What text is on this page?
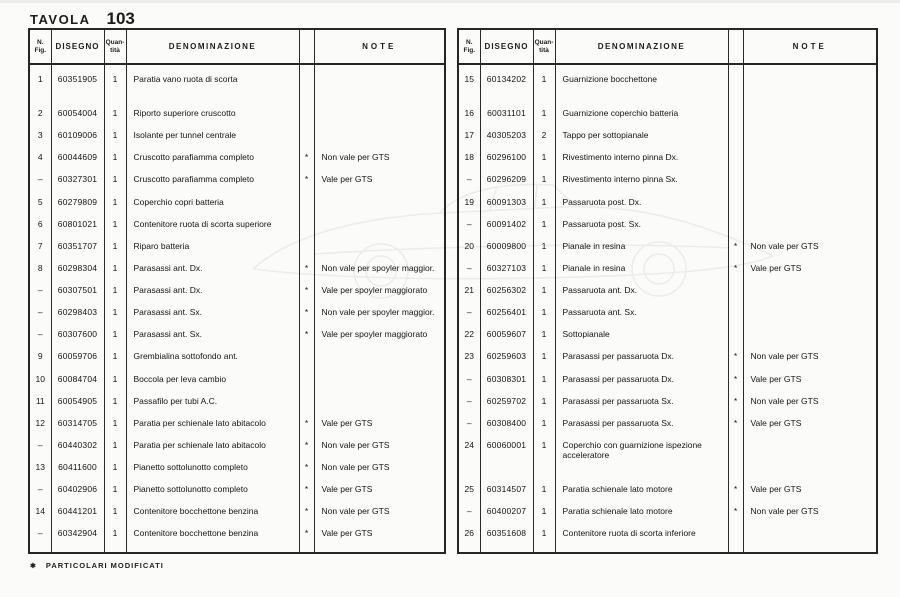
TAVOLA 103
N.
Fig.	DISEGNO	Quan-
tità	DENOMINAZIONE		NOTE
1	60351905	1	Paratia vano ruota di scorta		
2	60054004	1	Riporto superiore cruscotto		
3	60109006	1	Isolante per tunnel centrale		
4	60044609	1	Cruscotto parafiamma completo	*	Non vale per GTS
–	60327301	1	Cruscotto parafiamma completo	*	Vale per GTS
5	60279809	1	Coperchio copri batteria		
6	60801021	1	Contenitore ruota di scorta superiore		
7	60351707	1	Riparo batteria		
8	60298304	1	Parasassi ant. Dx.	*	Non vale per spoyler maggior.
–	60307501	1	Parasassi ant. Dx.	*	Vale per spoyler maggiorato
–	60298403	1	Parasassi ant. Sx.	*	Non vale per spoyler maggior.
–	60307600	1	Parasassi ant. Sx.	*	Vale per spoyler maggiorato
9	60059706	1	Grembialina sottofondo ant.		
10	60084704	1	Boccola per leva cambio		
11	60054905	1	Passafilo per tubi A.C.		
12	60314705	1	Paratia per schienale lato abitacolo	*	Vale per GTS
–	60440302	1	Paratia per schienale lato abitacolo	*	Non vale per GTS
13	60411600	1	Pianetto sottolunotto completo	*	Non vale per GTS
–	60402906	1	Pianetto sottolunotto completo	*	Vale per GTS
14	60441201	1	Contenitore bocchettone benzina	*	Non vale per GTS
–	60342904	1	Contenitore bocchettone benzina	*	Vale per GTS

N.
Fig.	DISEGNO	Quan-
tità	DENOMINAZIONE		NOTE
15	60134202	1	Guarnizione bocchettone		
16	60031101	1	Guarnizione coperchio batteria		
17	40305203	2	Tappo per sottopianale		
18	60296100	1	Rivestimento interno pinna Dx.		
–	60296209	1	Rivestimento interno pinna Sx.		
19	60091303	1	Passaruota post. Dx.		
–	60091402	1	Passaruota post. Sx.		
20	60009800	1	Pianale in resina	*	Non vale per GTS
–	60327103	1	Pianale in resina	*	Vale per GTS
21	60256302	1	Passaruota ant. Dx.		
–	60256401	1	Passaruota ant. Sx.		
22	60059607	1	Sottopianale		
23	60259603	1	Parasassi per passaruota Dx.	*	Non vale per GTS
–	60308301	1	Parasassi per passaruota Dx.	*	Vale per GTS
–	60259702	1	Parasassi per passaruota Sx.	*	Non vale per GTS
–	60308400	1	Parasassi per passaruota Sx.	*	Vale per GTS
24	60060001	1	Coperchio con guarnizione ispezione acceleratore		
25	60314507	1	Paratia schienale lato motore	*	Vale per GTS
–	60400207	1	Paratia schienale lato motore	*	Non vale per GTS
26	60351608	1	Contenitore ruota di scorta inferiore		

✱ PARTICOLARI MODIFICATI
